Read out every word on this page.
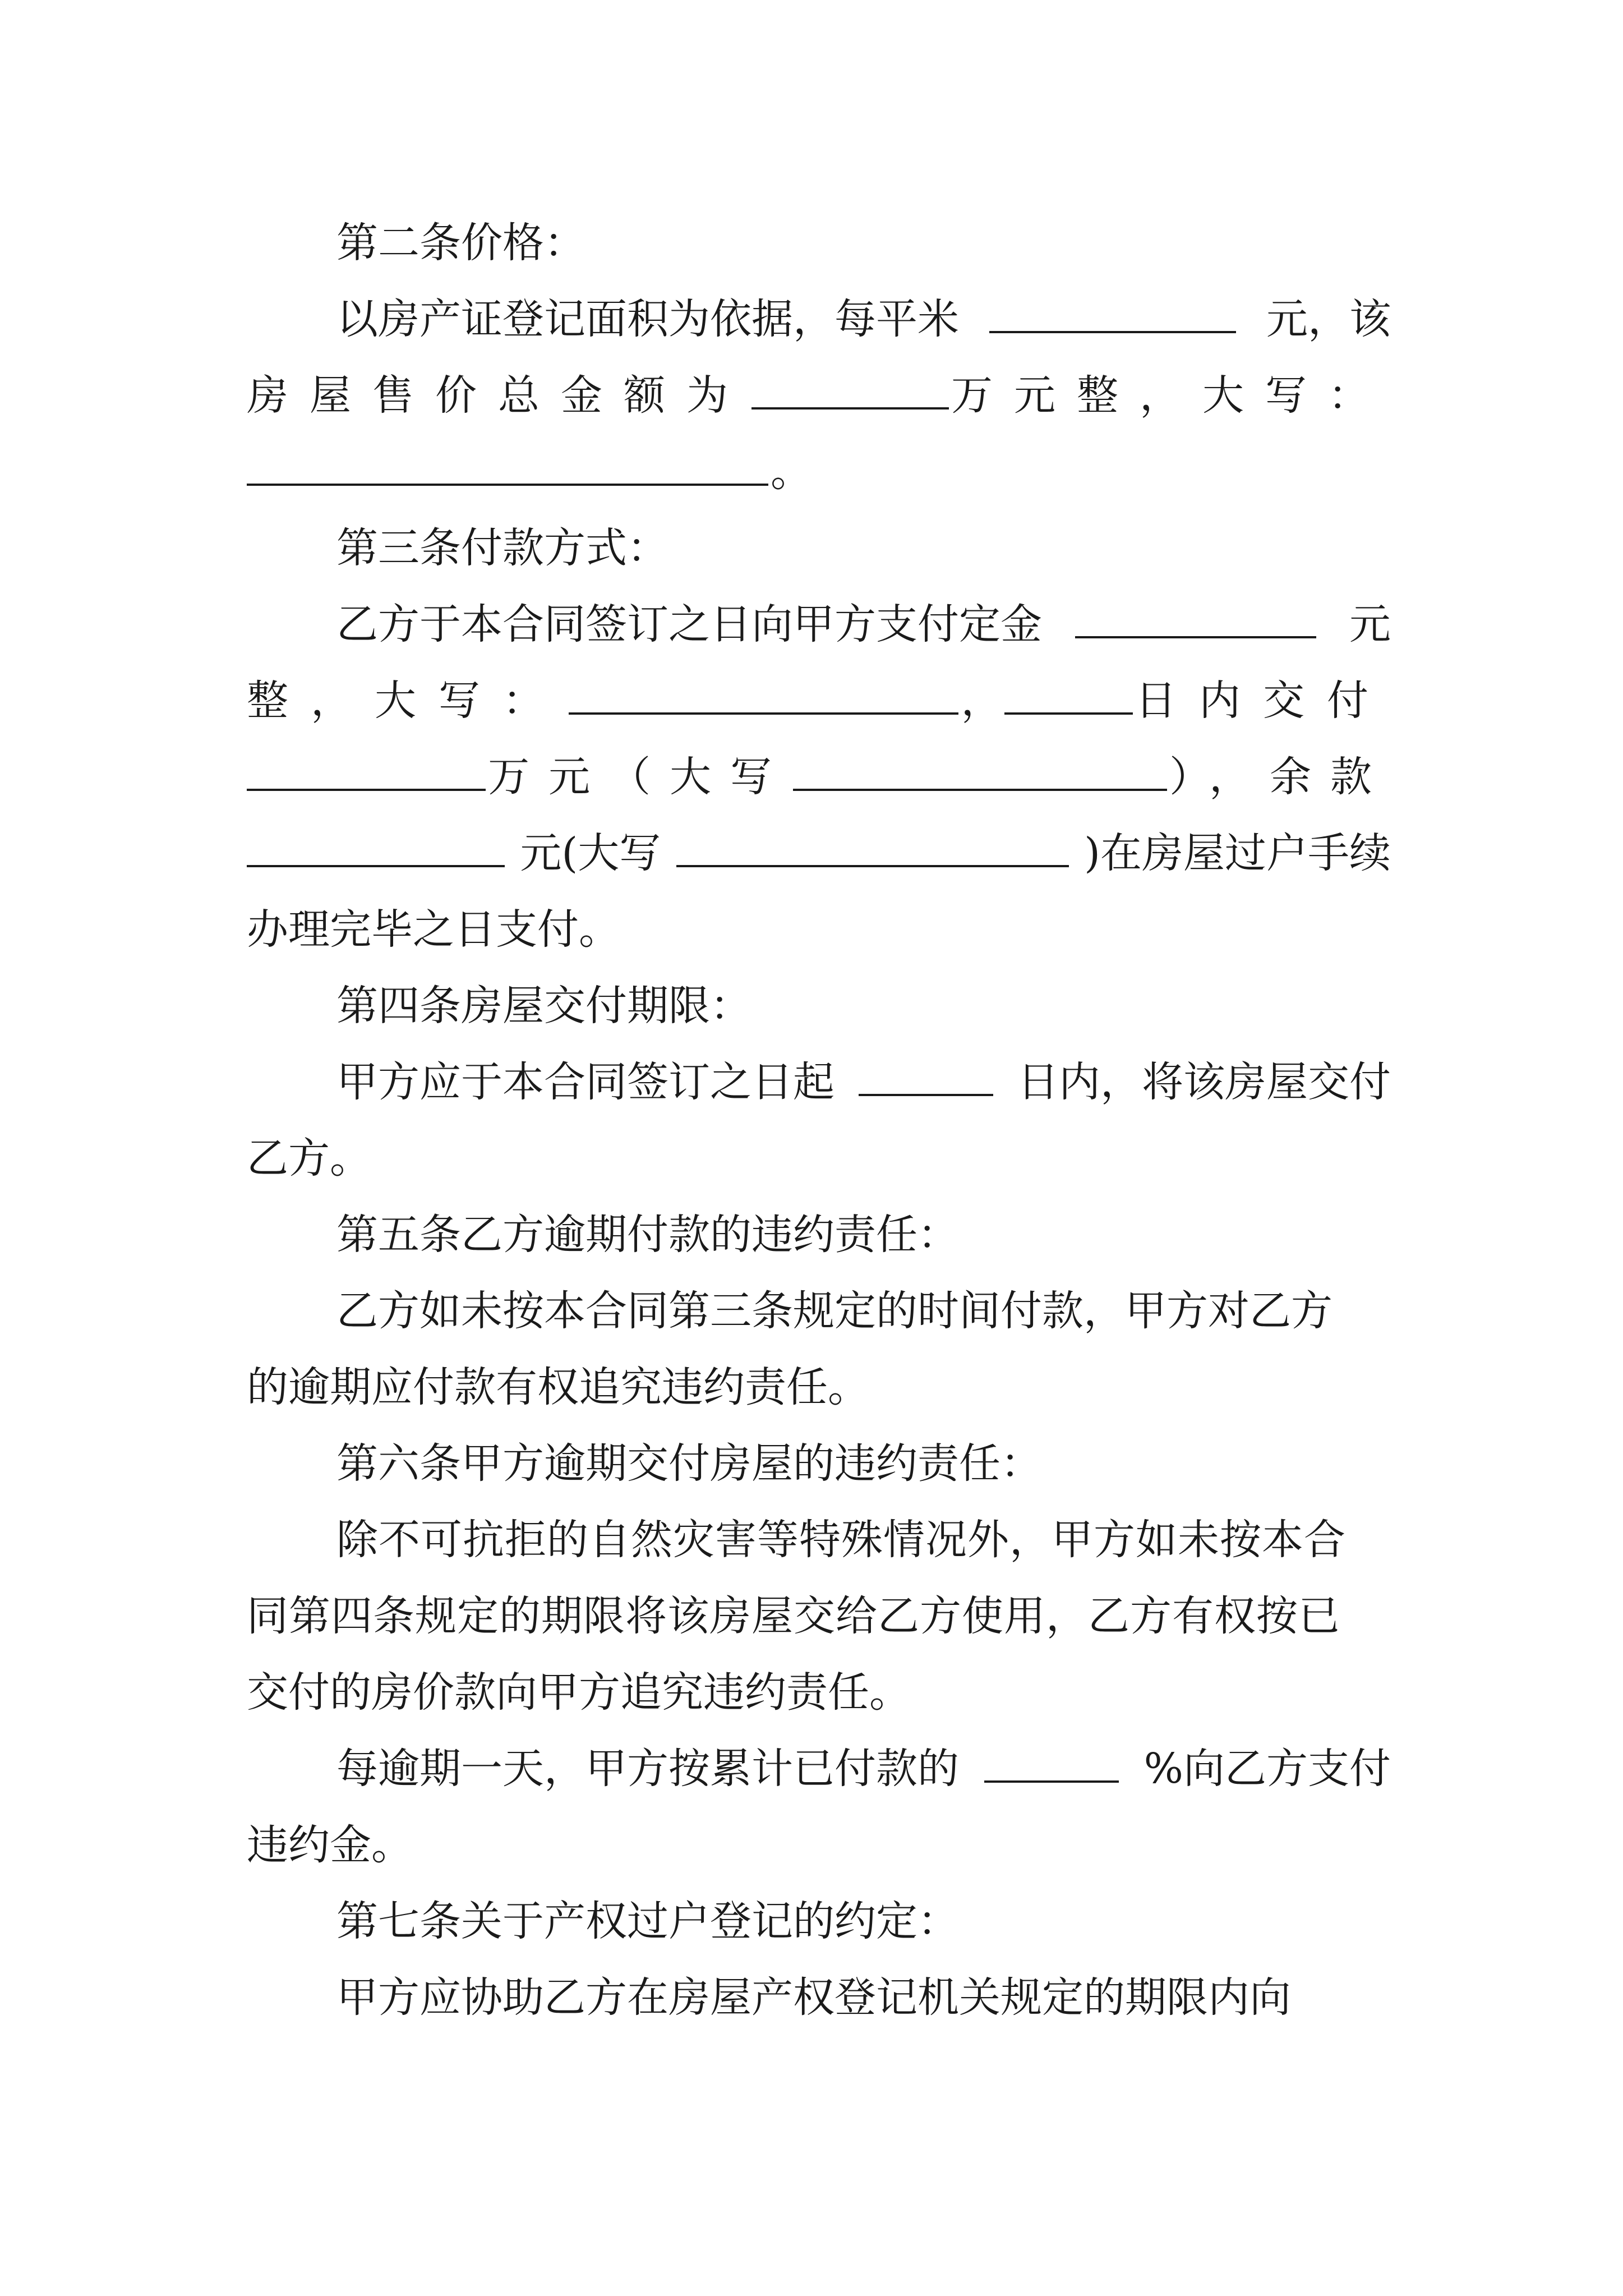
第二条价格：
以房产证登记面积为依据，每平米	元，该
房屋售价总金额为	万元整，大写：
。
第三条付款方式：
乙方于本合同签订之日向甲方支付定金	元
整，大写：	，	日内交付
万元（大写	），余款
元(大写	)在房屋过户手续
办理完毕之日支付。
第四条房屋交付期限：
甲方应于本合同签订之日起	日内，将该房屋交付
乙方。
第五条乙方逾期付款的违约责任：
乙方如未按本合同第三条规定的时间付款，甲方对乙方
的逾期应付款有权追究违约责任。
第六条甲方逾期交付房屋的违约责任：
除不可抗拒的自然灾害等特殊情况外，甲方如未按本合
同第四条规定的期限将该房屋交给乙方使用，乙方有权按已
交付的房价款向甲方追究违约责任。
每逾期一天，甲方按累计已付款的	%向乙方支付
违约金。
第七条关于产权过户登记的约定：
甲方应协助乙方在房屋产权登记机关规定的期限内向
